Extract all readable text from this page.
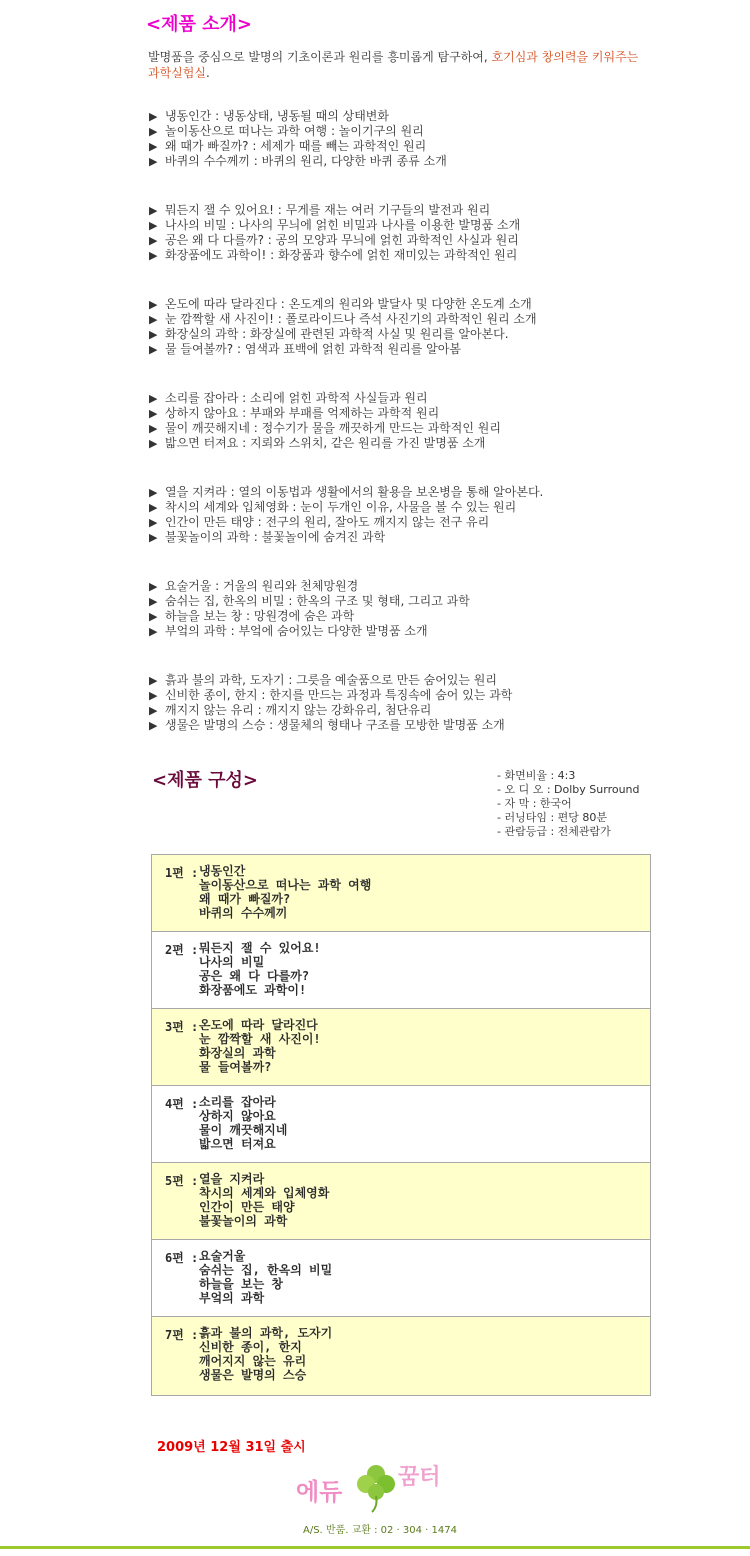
<제품 소개>
발명품을 중심으로 발명의 기초이론과 원리를 흥미롭게 탐구하여, 호기심과 창의력을 키워주는 과학실험실.
▶ 냉동인간 : 냉동상태, 냉동될 때의 상태변화
▶ 놀이동산으로 떠나는 과학 여행 : 놀이기구의 원리
▶ 왜 때가 빠질까? : 세제가 때를 빼는 과학적인 원리
▶ 바퀴의 수수께끼 : 바퀴의 원리, 다양한 바퀴 종류 소개
▶ 뭐든지 잴 수 있어요! : 무게를 재는 여러 기구들의 발전과 원리
▶ 나사의 비밀 : 나사의 무늬에 얽힌 비밀과 나사를 이용한 발명품 소개
▶ 공은 왜 다 다를까? : 공의 모양과 무늬에 얽힌 과학적인 사실과 원리
▶ 화장품에도 과학이! : 화장품과 향수에 얽힌 재미있는 과학적인 원리
▶ 온도에 따라 달라진다 : 온도계의 원리와 발달사 및 다양한 온도계 소개
▶ 눈 깜짝할 새 사진이! : 폴로라이드나 즉석 사진기의 과학적인 원리 소개
▶ 화장실의 과학 : 화장실에 관련된 과학적 사실 및 원리를 알아본다.
▶ 물 들여볼까? : 염색과 표백에 얽힌 과학적 원리를 알아봄
▶ 소리를 잡아라 : 소리에 얽힌 과학적 사실들과 원리
▶ 상하지 않아요 : 부패와 부패를 억제하는 과학적 원리
▶ 물이 깨끗해지네 : 정수기가 물을 깨끗하게 만드는 과학적인 원리
▶ 밟으면 터져요 : 지뢰와 스위치, 같은 원리를 가진 발명품 소개
▶ 열을 지켜라 : 열의 이동법과 생활에서의 활용을 보온병을 통해 알아본다.
▶ 착시의 세계와 입체영화 : 눈이 두개인 이유, 사물을 볼 수 있는 원리
▶ 인간이 만든 태양 : 전구의 원리, 잘아도 깨지지 않는 전구 유리
▶ 불꽃놀이의 과학 : 불꽃놀이에 숨겨진 과학
▶ 요술거울 : 거울의 원리와 천체망원경
▶ 숨쉬는 집, 한옥의 비밀 : 한옥의 구조 및 형태, 그리고 과학
▶ 하늘을 보는 창 : 망원경에 숨은 과학
▶ 부엌의 과학 : 부엌에 숨어있는 다양한 발명품 소개
▶ 흙과 불의 과학, 도자기 : 그릇을 예술품으로 만든 숨어있는 원리
▶ 신비한 종이, 한지 : 한지를 만드는 과정과 특징속에 숨어 있는 과학
▶ 깨지지 않는 유리 : 깨지지 않는 강화유리, 첨단유리
▶ 생물은 발명의 스승 : 생물체의 형태나 구조를 모방한 발명품 소개
<제품 구성>	- 화면비율 : 4:3
- 오 디 오 : Dolby Surround
- 자 막 : 한국어
- 러닝타임 : 편당 80분
- 관람등급 : 전체관람가
1편 : 냉동인간
놀이동산으로 떠나는 과학 여행
왜 때가 빠질까?
바퀴의 수수께끼
2편 : 뭐든지 잴 수 있어요!
나사의 비밀
공은 왜 다 다를까?
화장품에도 과학이!
3편 : 온도에 따라 달라진다
눈 깜짝할 새 사진이!
화장실의 과학
물 들여볼까?
4편 : 소리를 잡아라
상하지 않아요
물이 깨끗해지네
밟으면 터져요
5편 : 열을 지켜라
착시의 세계와 입체영화
인간이 만든 태양
불꽃놀이의 과학
6편 : 요술거울
숨쉬는 집, 한옥의 비밀
하늘을 보는 창
부엌의 과학
7편 : 흙과 불의 과학, 도자기
신비한 종이, 한지
깨어지지 않는 유리
생물은 발명의 스승
2009년 12월 31일 출시
에듀
꿈터
A/S. 반품. 교환 : 02 · 304 · 1474
